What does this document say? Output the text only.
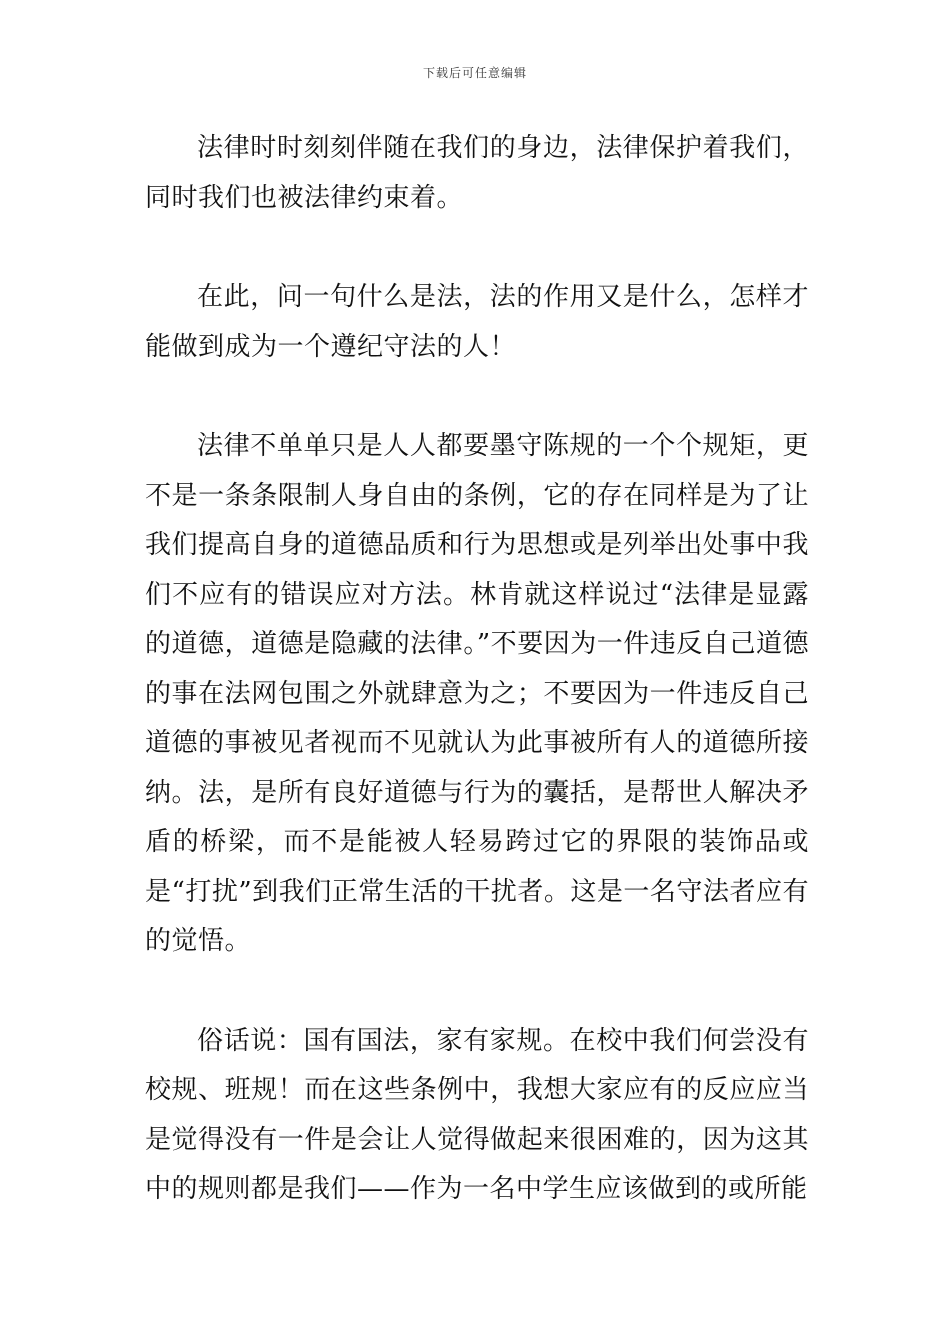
下载后可任意编辑

法律时时刻刻伴随在我们的身边，法律保护着我们，同时我们也被法律约束着。

在此，问一句什么是法，法的作用又是什么，怎样才能做到成为一个遵纪守法的人！

法律不单单只是人人都要墨守陈规的一个个规矩，更不是一条条限制人身自由的条例，它的存在同样是为了让我们提高自身的道德品质和行为思想或是列举出处事中我们不应有的错误应对方法。林肯就这样说过“法律是显露的道德，道德是隐藏的法律。”不要因为一件违反自己道德的事在法网包围之外就肆意为之；不要因为一件违反自己道德的事被见者视而不见就认为此事被所有人的道德所接纳。法，是所有良好道德与行为的囊括，是帮世人解决矛盾的桥梁，而不是能被人轻易跨过它的界限的装饰品或是“打扰”到我们正常生活的干扰者。这是一名守法者应有的觉悟。

俗话说：国有国法，家有家规。在校中我们何尝没有校规、班规！而在这些条例中，我想大家应有的反应应当是觉得没有一件是会让人觉得做起来很困难的，因为这其中的规则都是我们——作为一名中学生应该做到的或所能
